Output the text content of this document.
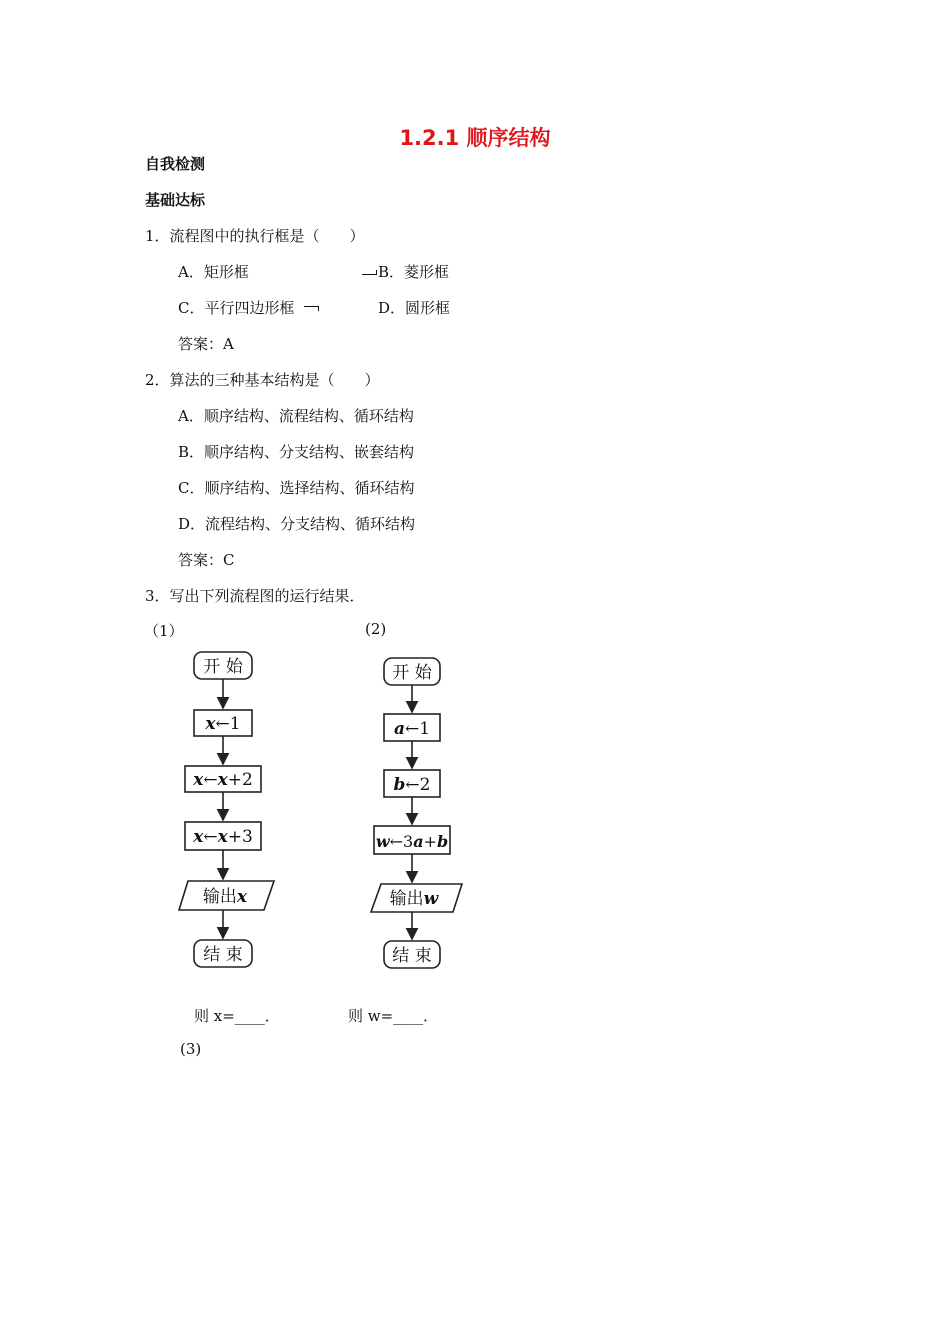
1.2.1 顺序结构
自我检测
基础达标
1．流程图中的执行框是（　　）
A．矩形框	B．菱形框
C．平行四边形框	D．圆形框
答案：A
2．算法的三种基本结构是（　　）
A．顺序结构、流程结构、循环结构
B．顺序结构、分支结构、嵌套结构
C．顺序结构、选择结构、循环结构
D．流程结构、分支结构、循环结构
答案：C
3．写出下列流程图的运行结果．
（1）	(2)
开 始
x←1
x←x+2
x←x+3
输出x
结 束
开 始
a←1
b←2
w←3a+b
输出w
结 束
则 x=____．	则 w=____．
(3)
